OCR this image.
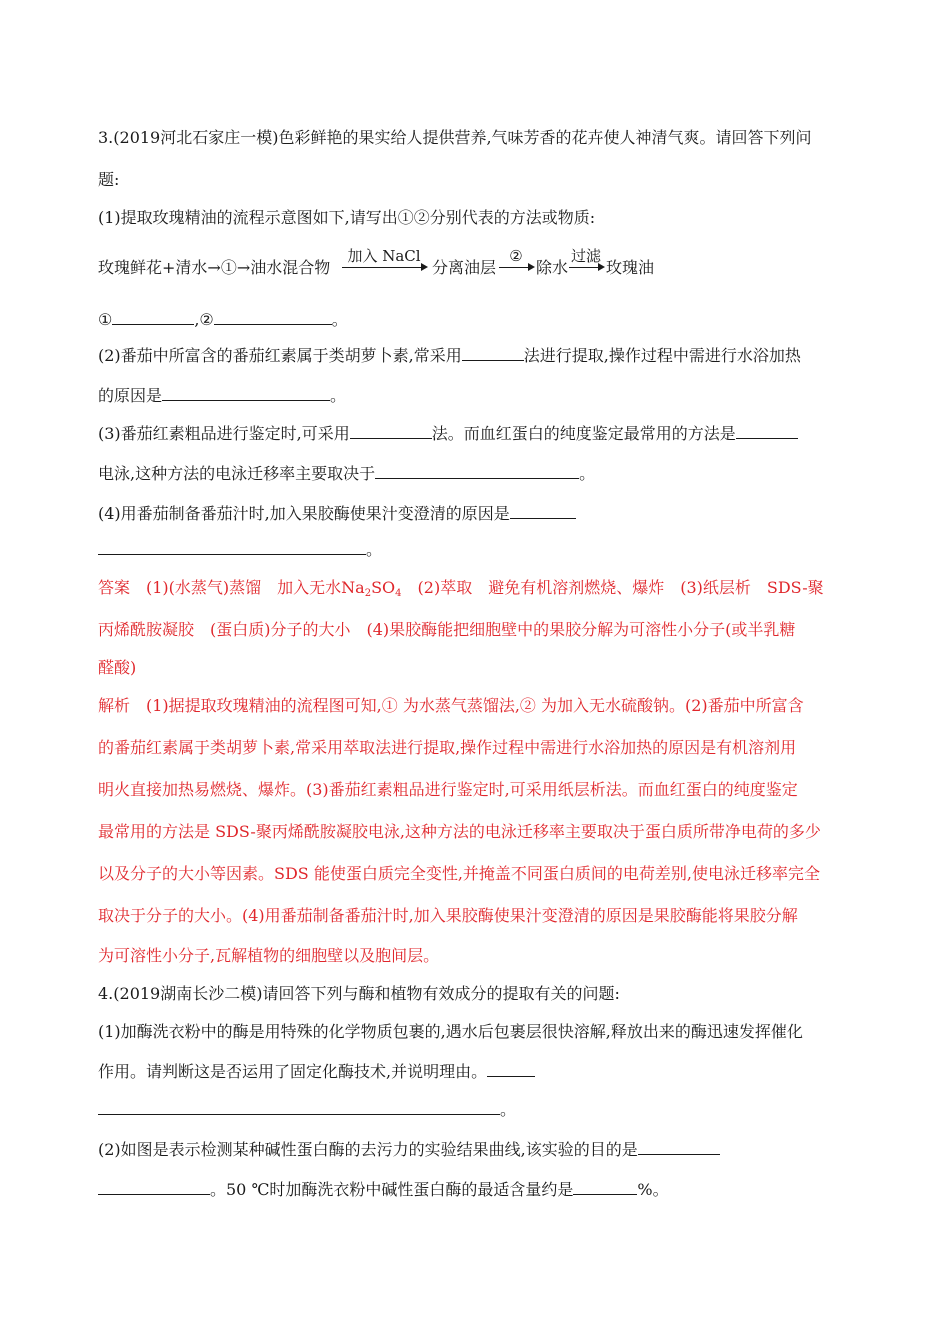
3.(2019河北石家庄一模)色彩鲜艳的果实给人提供营养,气味芳香的花卉使人神清气爽。请回答下列问
题:
(1)提取玫瑰精油的流程示意图如下,请写出①②分别代表的方法或物质:
玫瑰鲜花+清水→①→油水混合物
加入 NaCl
分离油层
②
除水
过滤
玫瑰油
①	,②	。
(2)番茄中所富含的番茄红素属于类胡萝卜素,常采用	法进行提取,操作过程中需进行水浴加热
的原因是	。
(3)番茄红素粗品进行鉴定时,可采用	法。而血红蛋白的纯度鉴定最常用的方法是
电泳,这种方法的电泳迁移率主要取决于	。
(4)用番茄制备番茄汁时,加入果胶酶使果汁变澄清的原因是
。
答案　(1)(水蒸气)蒸馏　加入无水$Na_2SO_4$　(2)萃取　避免有机溶剂燃烧、爆炸　(3)纸层析　SDS-聚
丙烯酰胺凝胶　(蛋白质)分子的大小　(4)果胶酶能把细胞壁中的果胶分解为可溶性小分子(或半乳糖
醛酸)
解析　(1)据提取玫瑰精油的流程图可知,① 为水蒸气蒸馏法,② 为加入无水硫酸钠。(2)番茄中所富含
的番茄红素属于类胡萝卜素,常采用萃取法进行提取,操作过程中需进行水浴加热的原因是有机溶剂用
明火直接加热易燃烧、爆炸。(3)番茄红素粗品进行鉴定时,可采用纸层析法。而血红蛋白的纯度鉴定
最常用的方法是 SDS-聚丙烯酰胺凝胶电泳,这种方法的电泳迁移率主要取决于蛋白质所带净电荷的多少
以及分子的大小等因素。SDS 能使蛋白质完全变性,并掩盖不同蛋白质间的电荷差别,使电泳迁移率完全
取决于分子的大小。(4)用番茄制备番茄汁时,加入果胶酶使果汁变澄清的原因是果胶酶能将果胶分解
为可溶性小分子,瓦解植物的细胞壁以及胞间层。
4.(2019湖南长沙二模)请回答下列与酶和植物有效成分的提取有关的问题:
(1)加酶洗衣粉中的酶是用特殊的化学物质包裹的,遇水后包裹层很快溶解,释放出来的酶迅速发挥催化
作用。请判断这是否运用了固定化酶技术,并说明理由。
。
(2)如图是表示检测某种碱性蛋白酶的去污力的实验结果曲线,该实验的目的是
。50 ℃时加酶洗衣粉中碱性蛋白酶的最适含量约是	%。
